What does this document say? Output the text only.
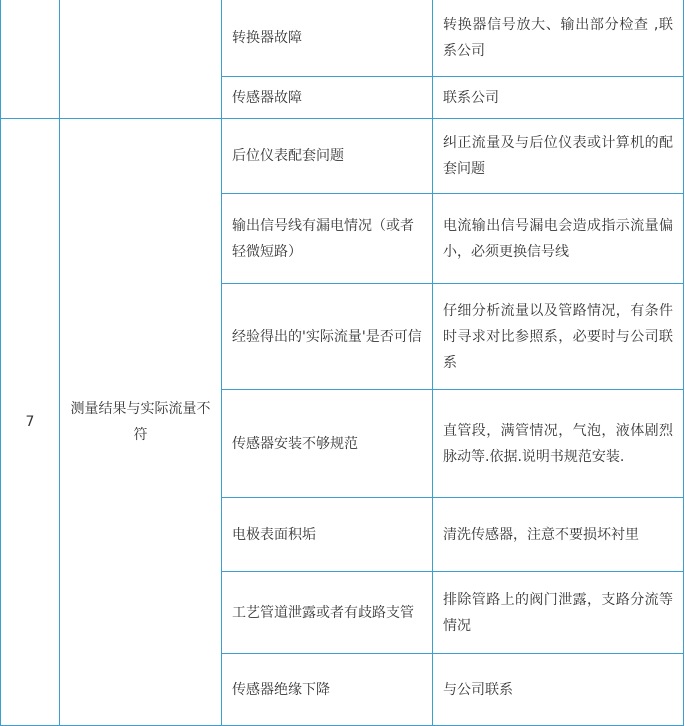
		转换器故障	转换器信号放大、输出部分检查 ,联系公司
		传感器故障	联系公司
7	测量结果与实际流量不符	后位仪表配套问题	纠正流量及与后位仪表或计算机的配套问题
		输出信号线有漏电情况（或者轻微短路）	电流输出信号漏电会造成指示流量偏小，必须更换信号线
		经验得出的'实际流量'是否可信	仔细分析流量以及管路情况，有条件时寻求对比参照系，必要时与公司联系
		传感器安装不够规范	直管段，满管情况，气泡，液体剧烈脉动等.依据.说明书规范安装.
		电极表面积垢	清洗传感器，注意不要损坏衬里
		工艺管道泄露或者有歧路支管	排除管路上的阀门泄露，支路分流等情况
		传感器绝缘下降	与公司联系
